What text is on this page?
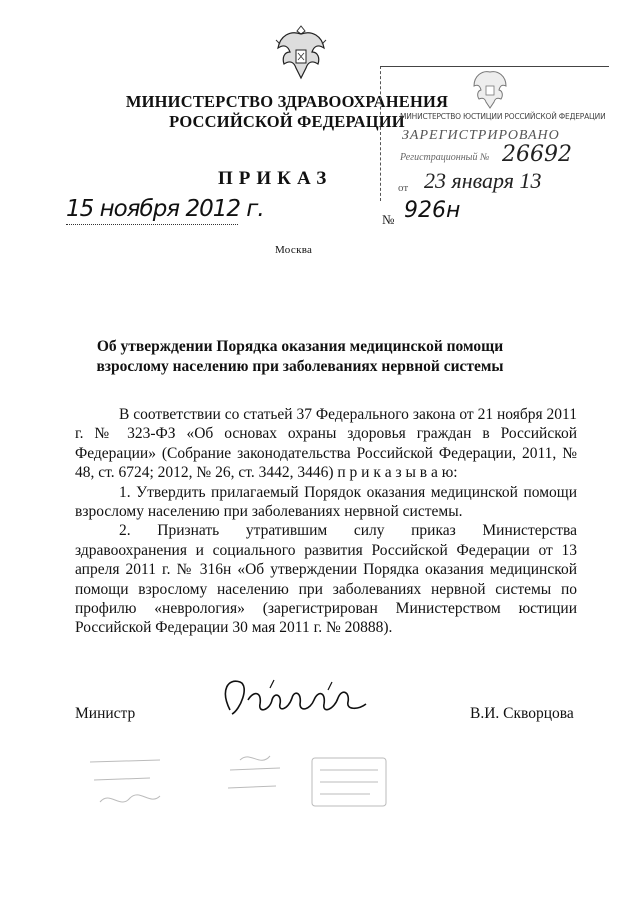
МИНИСТЕРСТВО ЗДРАВООХРАНЕНИЯ
РОССИЙСКОЙ ФЕДЕРАЦИИ
МИНИСТЕРСТВО ЮСТИЦИИ РОССИЙСКОЙ ФЕДЕРАЦИИ
ЗАРЕГИСТРИРОВАНО
Регистрационный № 26692
от 23 января 13
ПРИКАЗ
15 ноября 2012 г.	№ 926н
Москва
Об утверждении Порядка оказания медицинской помощи
взрослому населению при заболеваниях нервной системы

В соответствии со статьей 37 Федерального закона от 21 ноября 2011 г. № 323-ФЗ «Об основах охраны здоровья граждан в Российской Федерации» (Собрание законодательства Российской Федерации, 2011, № 48, ст. 6724; 2012, № 26, ст. 3442, 3446) п р и к а з ы в а ю:

1. Утвердить прилагаемый Порядок оказания медицинской помощи взрослому населению при заболеваниях нервной системы.

2. Признать утратившим силу приказ Министерства здравоохранения и социального развития Российской Федерации от 13 апреля 2011 г. № 316н «Об утверждении Порядка оказания медицинской помощи взрослому населению при заболеваниях нервной системы по профилю «неврология» (зарегистрирован Министерством юстиции Российской Федерации 30 мая 2011 г. № 20888).

Министр	В.И. Скворцова
